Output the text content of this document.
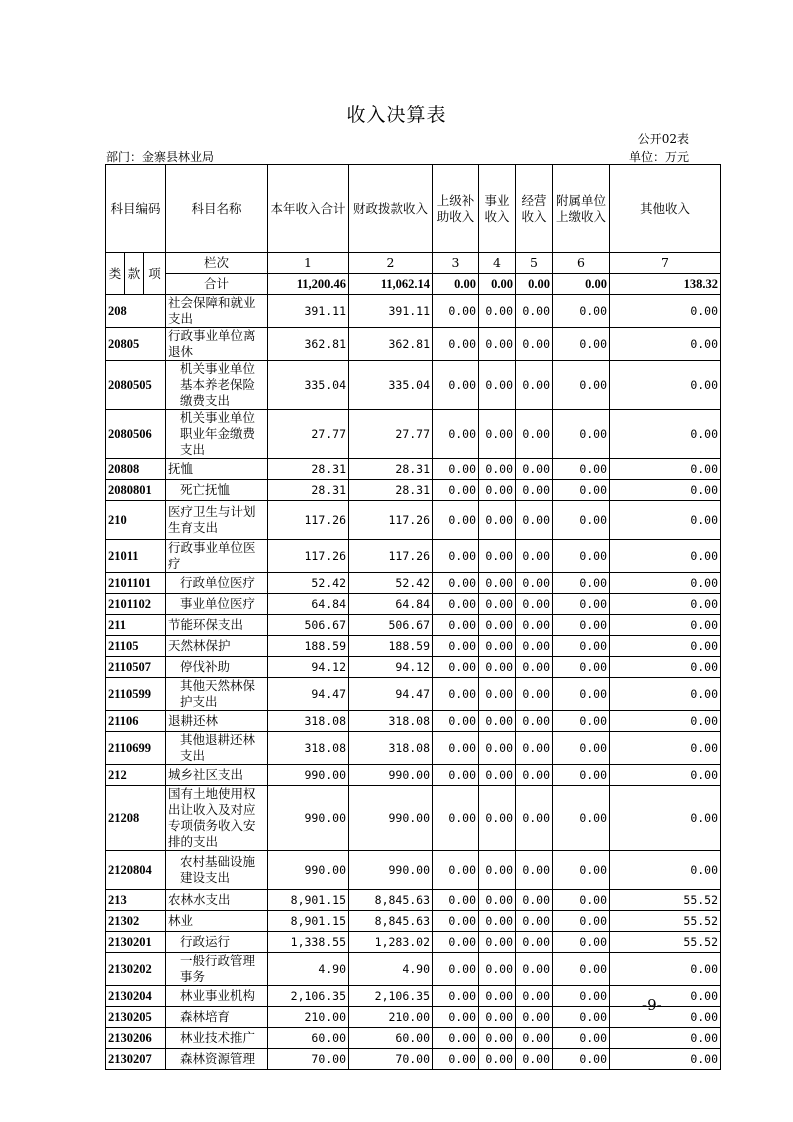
收入决算表
公开02表
部门：金寨县林业局	单位：万元
科目编码			科目名称	本年收入合计	财政拨款收入	上级补助收入	事业收入	经营收入	附属单位上缴收入	其他收入
类	款	项	栏次	1	2	3	4	5	6	7
			合计	11,200.46	11,062.14	0.00	0.00	0.00	0.00	138.32
208			社会保障和就业支出	391.11	391.11	0.00	0.00	0.00	0.00	0.00
20805			行政事业单位离退休	362.81	362.81	0.00	0.00	0.00	0.00	0.00
2080505			机关事业单位基本养老保险缴费支出	335.04	335.04	0.00	0.00	0.00	0.00	0.00
2080506			机关事业单位职业年金缴费支出	27.77	27.77	0.00	0.00	0.00	0.00	0.00
20808			抚恤	28.31	28.31	0.00	0.00	0.00	0.00	0.00
2080801			死亡抚恤	28.31	28.31	0.00	0.00	0.00	0.00	0.00
210			医疗卫生与计划生育支出	117.26	117.26	0.00	0.00	0.00	0.00	0.00
21011			行政事业单位医疗	117.26	117.26	0.00	0.00	0.00	0.00	0.00
2101101			行政单位医疗	52.42	52.42	0.00	0.00	0.00	0.00	0.00
2101102			事业单位医疗	64.84	64.84	0.00	0.00	0.00	0.00	0.00
211			节能环保支出	506.67	506.67	0.00	0.00	0.00	0.00	0.00
21105			天然林保护	188.59	188.59	0.00	0.00	0.00	0.00	0.00
2110507			停伐补助	94.12	94.12	0.00	0.00	0.00	0.00	0.00
2110599			其他天然林保护支出	94.47	94.47	0.00	0.00	0.00	0.00	0.00
21106			退耕还林	318.08	318.08	0.00	0.00	0.00	0.00	0.00
2110699			其他退耕还林支出	318.08	318.08	0.00	0.00	0.00	0.00	0.00
212			城乡社区支出	990.00	990.00	0.00	0.00	0.00	0.00	0.00
21208			国有土地使用权出让收入及对应专项债务收入安排的支出	990.00	990.00	0.00	0.00	0.00	0.00	0.00
2120804			农村基础设施建设支出	990.00	990.00	0.00	0.00	0.00	0.00	0.00
213			农林水支出	8,901.15	8,845.63	0.00	0.00	0.00	0.00	55.52
21302			林业	8,901.15	8,845.63	0.00	0.00	0.00	0.00	55.52
2130201			行政运行	1,338.55	1,283.02	0.00	0.00	0.00	0.00	55.52
2130202			一般行政管理事务	4.90	4.90	0.00	0.00	0.00	0.00	0.00
2130204			林业事业机构	2,106.35	2,106.35	0.00	0.00	0.00	0.00	0.00
2130205			森林培育	210.00	210.00	0.00	0.00	0.00	0.00	0.00
2130206			林业技术推广	60.00	60.00	0.00	0.00	0.00	0.00	0.00
2130207			森林资源管理	70.00	70.00	0.00	0.00	0.00	0.00	0.00
-9-
